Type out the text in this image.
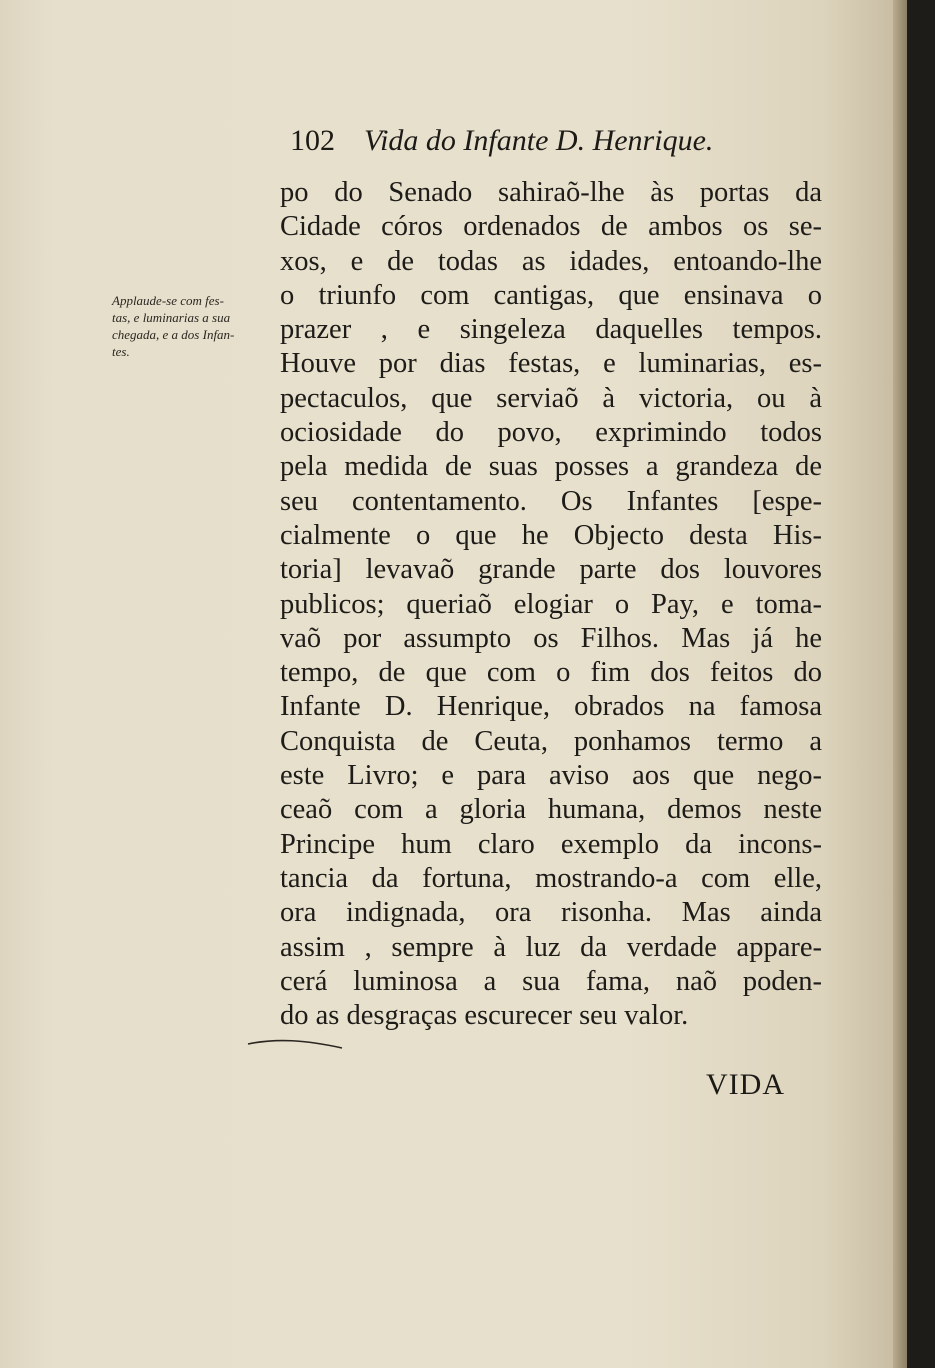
102 Vida do Infante D. Henrique.
Applaude-se com fes-
tas, e luminarias a sua
chegada, e a dos Infan-
tes.
po do Senado sahiraõ-lhe às portas da
Cidade córos ordenados de ambos os se-
xos, e de todas as idades, entoando-lhe
o triunfo com cantigas, que ensinava o
prazer , e singeleza daquelles tempos.
Houve por dias festas, e luminarias, es-
pectaculos, que serviaõ à victoria, ou à
ociosidade do povo, exprimindo todos
pela medida de suas posses a grandeza de
seu contentamento. Os Infantes [espe-
cialmente o que he Objecto desta His-
toria] levavaõ grande parte dos louvores
publicos; queriaõ elogiar o Pay, e toma-
vaõ por assumpto os Filhos. Mas já he
tempo, de que com o fim dos feitos do
Infante D. Henrique, obrados na famosa
Conquista de Ceuta, ponhamos termo a
este Livro; e para aviso aos que nego-
ceaõ com a gloria humana, demos neste
Principe hum claro exemplo da incons-
tancia da fortuna, mostrando-a com elle,
ora indignada, ora risonha. Mas ainda
assim , sempre à luz da verdade appare-
cerá luminosa a sua fama, naõ poden-
do as desgraças escurecer seu valor.
VIDA
